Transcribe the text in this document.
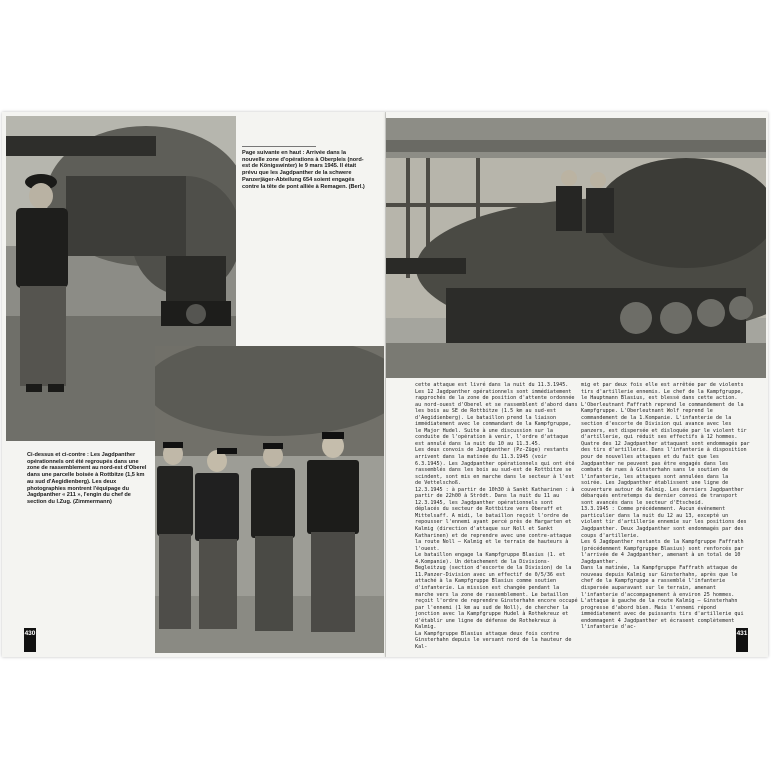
Page suivante en haut : Arrivée dans la nouvelle zone d'opérations à Oberpleis (nord-est de Königswinter) le 9 mars 1945. Il était prévu que les Jagdpanther de la schwere Panzerjäger-Abteilung 654 soient engagés contre la tête de pont alliée à Remagen. (Berl.)
Ci-dessus et ci-contre : Les Jagdpanther opérationnels ont été regroupés dans une zone de rassemblement au nord-est d'Oberel dans une parcelle boisée à Rottbitze (1,5 km au sud d'Aegidienberg). Les deux photographies montrent l'équipage du Jagdpanther « 211 », l'engin du chef de section du I.Zug. (Zimmermann)
430

cette attaque est livré dans la nuit du 11.3.1945.

Les 12 Jagdpanther opérationnels sont immédiatement rapprochés de la zone de position d'attente ordonnée au nord-ouest d'Oberel et se rassemblent d'abord dans les bois au SE de Rottbitze (1.5 km au sud-est d'Aegidienberg). Le bataillon prend la liaison immédiatement avec le commandant de la Kampfgruppe, le Major Hudel. Suite à une discussion sur la conduite de l'opération à venir, l'ordre d'attaque est annulé dans la nuit du 10 au 11.3.45.

Les deux convois de Jagdpanther (Pz-Züge) restants arrivent dans la matinée du 11.3.1945 (voir 6.3.1945). Les Jagdpanther opérationnels qui ont été rassemblés dans les bois au sud-est de Rottbitze se scindent, sont mis en marche dans le secteur à l'est de Vettelschoß.

12.3.1945 : à partir de 10h30 à Sankt Katharinen : à partir de 22h00 à Strödt. Dans la nuit du 11 au 12.3.1945, les Jagdpanther opérationnels sont déplacés du secteur de Rottbitze vers Oberaff et Mittelsaff. A midi, le bataillon reçoit l'ordre de repousser l'ennemi ayant percé près de Hargarten et Kalmig (direction d'attaque sur Noll et Sankt Katharinen) et de reprendre avec une contre-attaque la route Noll – Kalmig et le terrain de hauteurs à l'ouest.

Le bataillon engage la Kampfgruppe Blasius (1. et 4.Kompanie). Un détachement de la Divisions-Begleitzug (section d'escorte de la Division) de la 11.Panzer-Division avec un effectif de 0/5/36 est attaché à la Kampfgruppe Blasius comme soutien d'infanterie. La mission est changée pendant la marche vers la zone de rassemblement. Le bataillon reçoit l'ordre de reprendre Ginsterhahn encore occupé par l'ennemi (1 km au sud de Noll), de chercher la jonction avec la Kampfgruppe Hudel à Rothekreuz et d'établir une ligne de défense de Rothekreuz à Kalmig.

La Kampfgruppe Blasius attaque deux fois contre Ginsterhahn depuis le versant nord de la hauteur de Kal-

mig et par deux fois elle est arrêtée par de violents tirs d'artillerie ennemis. Le chef de la Kampfgruppe, le Hauptmann Blasius, est blessé dans cette action. L'Oberleutnant Faffrath reprend le commandement de la Kampfgruppe. L'Oberleutnant Wolf reprend le commandement de la 1.Kompanie. L'infanterie de la section d'escorte de Division qui avance avec les panzers, est dispersée et disloquée par le violent tir d'artillerie, qui réduit ses effectifs à 12 hommes. Quatre des 12 Jagdpanther attaquant sont endommagés par des tirs d'artillerie. Dans l'infanterie à disposition pour de nouvelles attaques et du fait que les Jagdpanther ne peuvent pas être engagés dans les combats de rues à Ginsterhahn sans le soutien de l'infanterie, les attaques sont annulées dans la soirée. Les Jagdpanther établissent une ligne de couverture autour de Kalmig. Les derniers Jagdpanther débarqués entretemps du dernier convoi de transport sont avancés dans le secteur d'Etscheid.

13.3.1945 : Comme précédemment. Aucun événement particulier dans la nuit du 12 au 13, excepté un violent tir d'artillerie ennemie sur les positions des Jagdpanther. Deux Jagdpanther sont endommagés par des coups d'artillerie.

Les 6 Jagdpanther restants de la Kampfgruppe Faffrath (précédemment Kampfgruppe Blasius) sont renforcés par l'arrivée de 4 Jagdpanther, amenant à un total de 10 Jagdpanther.

Dans la matinée, la Kampfgruppe Faffrath attaque de nouveau depuis Kalmig sur Ginsterhahn, après que le chef de la Kampfgruppe a rassemblé l'infanterie dispersée auparavant sur le terrain, amenant l'infanterie d'accompagnement à environ 25 hommes. L'attaque à gauche de la route Kalmig – Ginsterhahn progresse d'abord bien. Mais l'ennemi répond immédiatement avec de puissants tirs d'artillerie qui endommagent 4 Jagdpanther et écrasent complètement l'infanterie d'ac-

431
